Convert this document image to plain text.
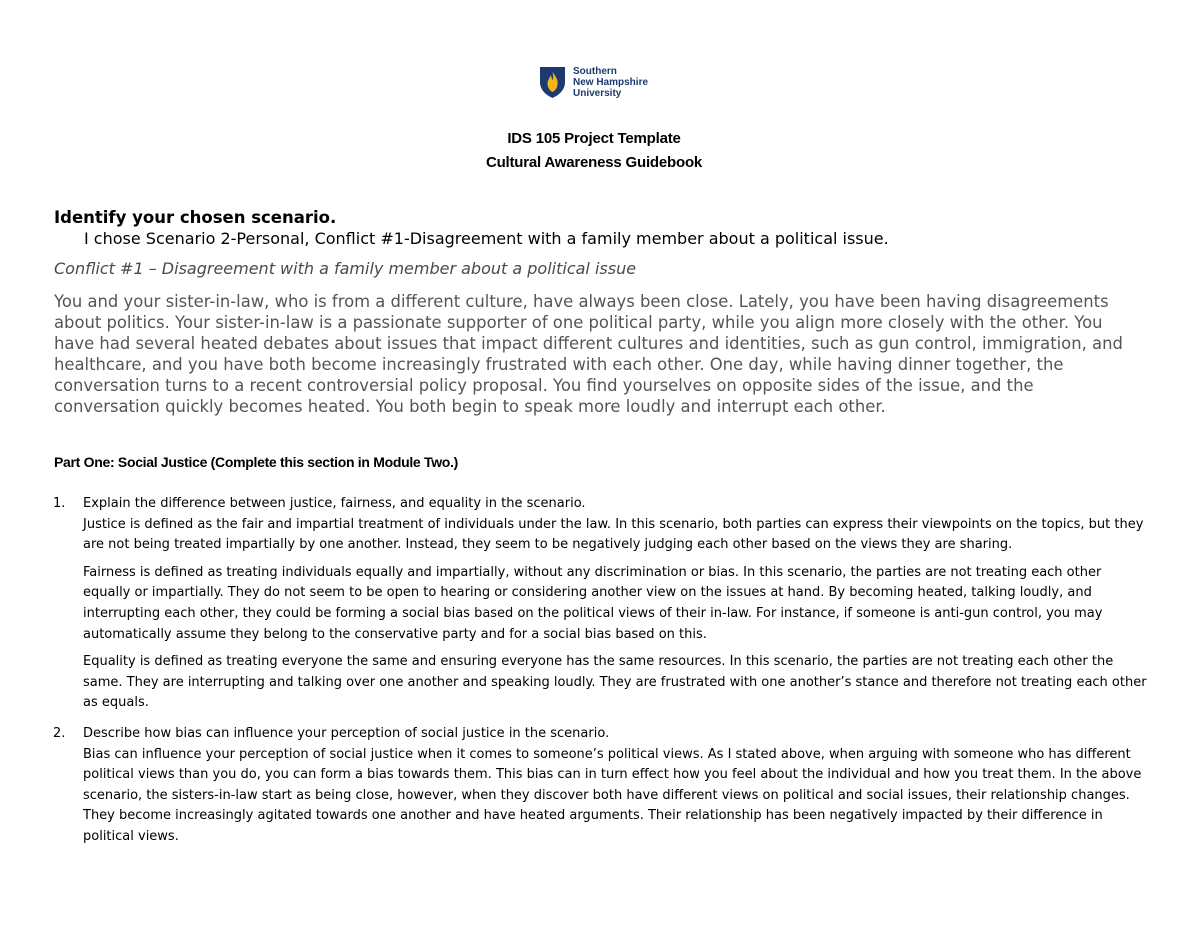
Southern
New Hampshire
University
IDS 105 Project Template
Cultural Awareness Guidebook
Identify your chosen scenario.
I chose Scenario 2-Personal, Conflict #1-Disagreement with a family member about a political issue.
Conflict #1 – Disagreement with a family member about a political issue

You and your sister-in-law, who is from a different culture, have always been close. Lately, you have been having disagreements about politics. Your sister-in-law is a passionate supporter of one political party, while you align more closely with the other. You have had several heated debates about issues that impact different cultures and identities, such as gun control, immigration, and healthcare, and you have both become increasingly frustrated with each other. One day, while having dinner together, the conversation turns to a recent controversial policy proposal. You find yourselves on opposite sides of the issue, and the conversation quickly becomes heated. You both begin to speak more loudly and interrupt each other.

Part One: Social Justice (Complete this section in Module Two.)
1. Explain the difference between justice, fairness, and equality in the scenario.

Justice is defined as the fair and impartial treatment of individuals under the law. In this scenario, both parties can express their viewpoints on the topics, but they are not being treated impartially by one another. Instead, they seem to be negatively judging each other based on the views they are sharing.

Fairness is defined as treating individuals equally and impartially, without any discrimination or bias. In this scenario, the parties are not treating each other equally or impartially. They do not seem to be open to hearing or considering another view on the issues at hand. By becoming heated, talking loudly, and interrupting each other, they could be forming a social bias based on the political views of their in-law. For instance, if someone is anti-gun control, you may automatically assume they belong to the conservative party and for a social bias based on this.

Equality is defined as treating everyone the same and ensuring everyone has the same resources. In this scenario, the parties are not treating each other the same. They are interrupting and talking over one another and speaking loudly. They are frustrated with one another’s stance and therefore not treating each other as equals.

2. Describe how bias can influence your perception of social justice in the scenario.

Bias can influence your perception of social justice when it comes to someone’s political views. As I stated above, when arguing with someone who has different political views than you do, you can form a bias towards them. This bias can in turn effect how you feel about the individual and how you treat them. In the above scenario, the sisters-in-law start as being close, however, when they discover both have different views on political and social issues, their relationship changes. They become increasingly agitated towards one another and have heated arguments. Their relationship has been negatively impacted by their difference in political views.
